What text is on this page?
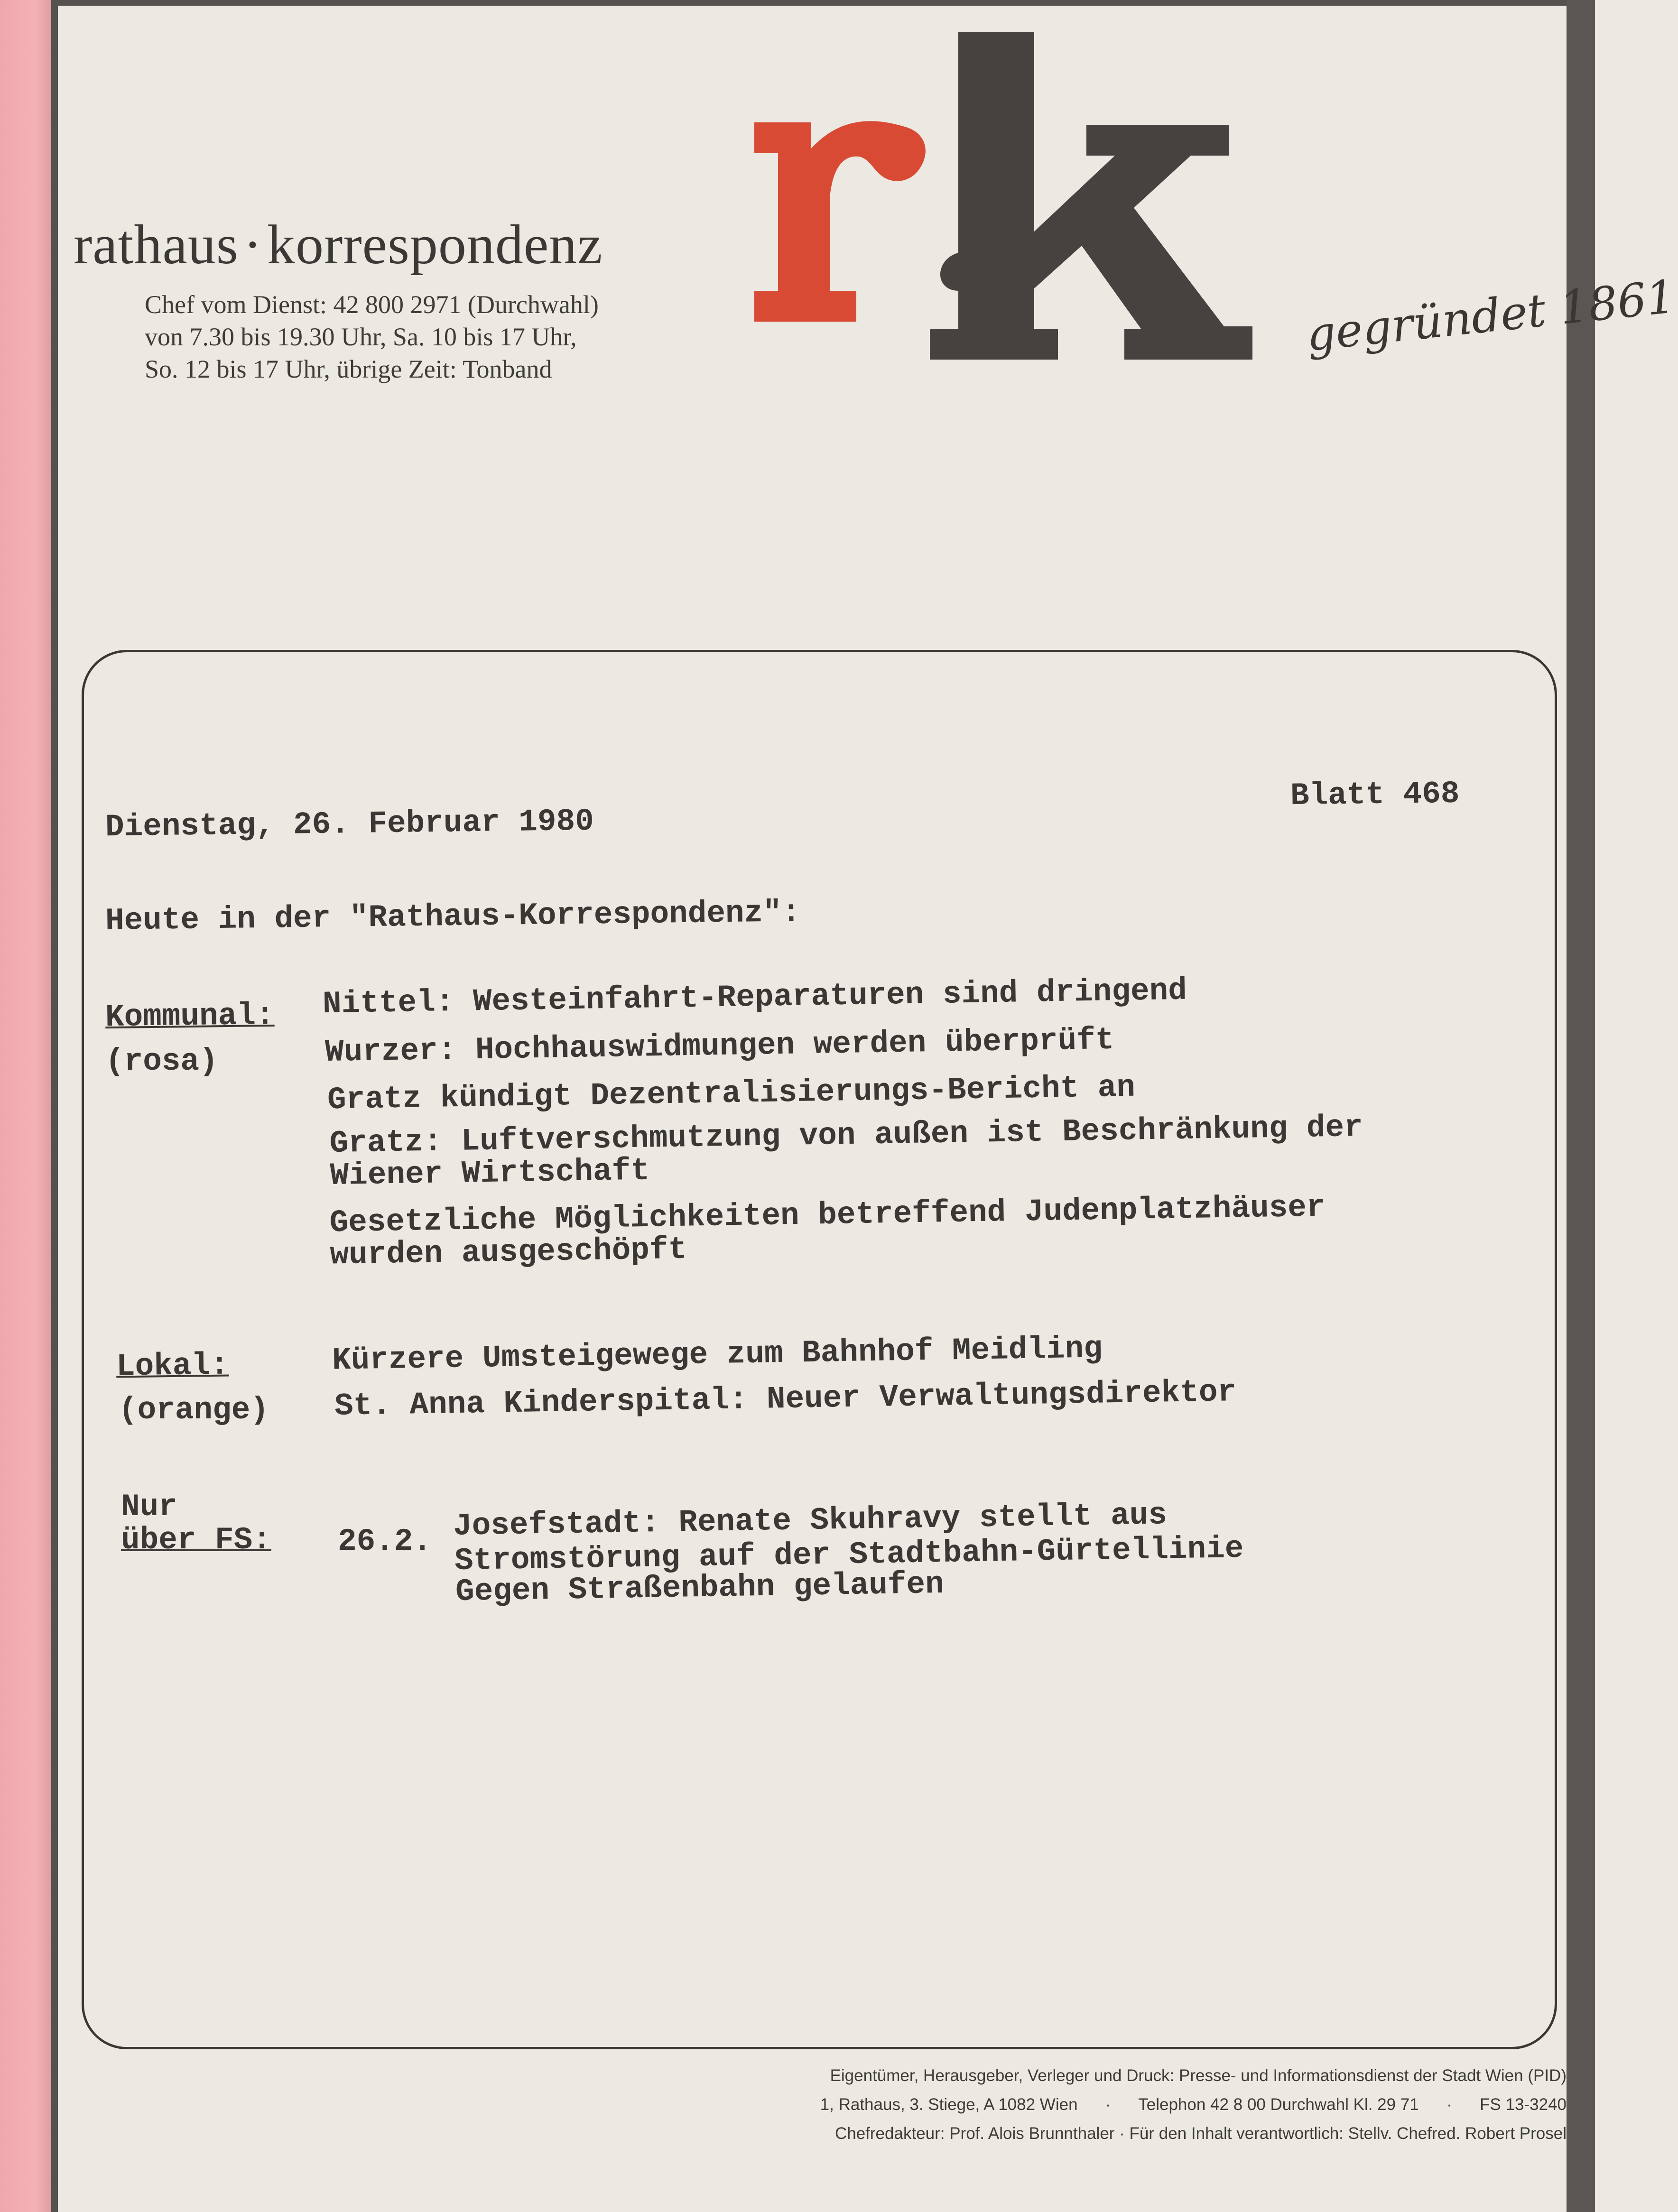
rathaus·korrespondenz
Chef vom Dienst: 42 800 2971 (Durchwahl)
von 7.30 bis 19.30 Uhr, Sa. 10 bis 17 Uhr,
So. 12 bis 17 Uhr, übrige Zeit: Tonband
gegründet 1861
Dienstag, 26. Februar 1980
Blatt 468
Heute in der "Rathaus-Korrespondenz":
Kommunal:
(rosa)
Nittel: Westeinfahrt-Reparaturen sind dringend
Wurzer: Hochhauswidmungen werden überprüft
Gratz kündigt Dezentralisierungs-Bericht an
Gratz: Luftverschmutzung von außen ist Beschränkung der
Wiener Wirtschaft
Gesetzliche Möglichkeiten betreffend Judenplatzhäuser
wurden ausgeschöpft
Lokal:
(orange)
Kürzere Umsteigewege zum Bahnhof Meidling
St. Anna Kinderspital: Neuer Verwaltungsdirektor
Nur
über FS: 26.2. Josefstadt: Renate Skuhravy stellt aus
Stromstörung auf der Stadtbahn-Gürtellinie
Gegen Straßenbahn gelaufen
Eigentümer, Herausgeber, Verleger und Druck: Presse- und Informationsdienst der Stadt Wien (PID)
1, Rathaus, 3. Stiege, A 1082 Wien      ·      Telephon 42 8 00 Durchwahl Kl. 29 71      ·      FS 13-3240
Chefredakteur: Prof. Alois Brunnthaler · Für den Inhalt verantwortlich: Stellv. Chefred. Robert Prosel
